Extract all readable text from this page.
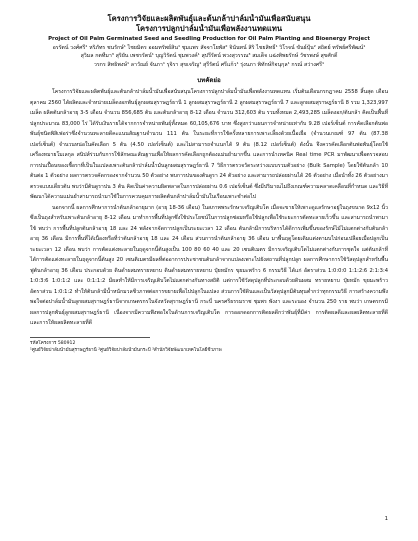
โครงการวิจัยและผลิตพันธุ์และต้นกล้าปาล์มน้ำมันเพื่อสนับสนุน
โครงการปลูกปาล์มน้ำมันเพื่อพลังงานทดแทน
Project of Oil Palm Germinated Seed and Seedling Production for Oil Palm Planting and Bioenergy Project

อรรัตน์ วงศ์ศรี¹ หริภัทร ชนรักษ์¹ ไชยมิตร ออมทรัพย์สิน¹ ชุมแพร สัจจาโยพัส² จินันทน์ สิริ ไชยสิทธิ์¹ วิโรจน์ ขันธ์ปุ้น² สถิตย์ ทรัพย์ศรีพัฒน์¹

สุวิมล กตที่มา³ สุริยัน เพชรรัตน์¹ บุญวิรัตน์ ชุมพวงค์¹ สุปรีรัตน์ พวงสุวรรณ³ สมเด็จ แฉ่งทิพยรักษ์ วัชรพงษ์ สุขศักดิ์

วรกร สิทธิพงษ์¹ ลาวัณย์ จันภา¹ รุจิรา สุขเจริญ¹ สุรีรัตน์ ศรีแก้ว¹ รุ่งนภา พิทักษ์กิจนุกุล¹ กรณ์ สว่างศรี¹

บทคัดย่อ

โครงการวิจัยและผลิตพันธุ์และต้นกล้าปาล์มน้ำมันเพื่อสนับสนุนโครงการปลูกปาล์มน้ำมันเพื่อพลังงานทดแทน เริ่มต้นเดือนกรกฎาคม 2558 สิ้นสุด เดือนตุลาคม 2560 ได้ผลิตและจำหน่ายเมล็ดงอกพันธุ์ลูกผสมสุราษฎร์ธานี 1 ลูกผสมสุราษฎร์ธานี 2 ลูกผสมสุราษฎร์ธานี 7 และลูกผสมสุราษฎร์ธานี 8 รวม 1,323,997 เมล็ด ผลิตต้นกล้าอายุ 3-5 เดือน จำนวน 856,685 ต้น และต้นกล้าอายุ 8-12 เดือน จำนวน 312,603 ต้น รวมทั้งหมด 2,493,285 เมล็ดงอก/ต้นกล้า คิดเป็นพื้นที่ปลูกประมาณ 83,000 ไร่ ได้รับเงินรายได้จากการจำหน่ายพันธุ์ทั้งหมด 60,105,676 บาท ซึ่งสูงกว่าแผนการจำหน่ายเท่ากับ 9.28 เปอร์เซ็นต์ การคัดเลือกต้นพ่อพันธุ์ชนิดพิสิเฟอร่าซึ่งจำนวนทะลายดีคะแนนสัณฐานจำนวน 111 ต้น ในระยะที่การใช้ครั้งหลายการเพาะเลี้ยงด้วยเนื้อเยื่อ (จำนวนเกณฑ์ 97 ต้น (87.38 เปอร์เซ็นต์) จำนวนหน่อในคัดเลือก 5 ต้น (4.50 เปอร์เซ็นต์) และไม่สามารถจำแนกได้ 9 ต้น (8.12 เปอร์เซ็นต์) ดังนั้น จึงควรคัดเลือกต้นพ่อพันธุ์โดยใช้เครื่องหมายโมเลกุล สนิปส์ร่วมกับการใช้ลักษณะสัณฐานเพื่อให้ผลการคัดเลือกถูกต้องแม่นยำมากขึ้น และการนำเทคนิค Real time PCR มาพัฒนาเพื่อตรวจสอบการปนเปื้อนของเชื้อราที่เป็นในแปลงเพาะต้นกล้าปาล์มน้ำมันลูกผสมสุราษฎร์ธานี 7 วิธีการตรวจวัดระหว่างแบบรวมตัวอย่าง (Bulk Sample) โดยใช้ต้นกล้า 10 ต้นต่อ 1 ตัวอย่าง ผลการตรวจคัดกรองจากจำนวน 50 ตัวอย่าง พบการปนของต้นดูรา 24 ตัวอย่าง และสามารถปล่อยผ่านได้ 26 ตัวอย่าง เมื่อนำทั้ง 26 ตัวอย่างมาตรวจแบบเดี่ยวต้น พบว่ามีต้นดูราปน 3 ต้น คิดเป็นค่าความผิดพลาดในการปล่อยผ่าน 0.6 เปอร์เซ็นต์ ซึ่งมีปริมาณไม่ถึงเกณฑ์ความคลาดเคลื่อนที่กำหนด และวิธีที่พัฒนาได้ความแม่นยำสามารถนำมาใช้ในการควบคุมการผลิตต้นกล้าปาล์มน้ำมันในเรือนเพาะชำต่อไป

นอกจากนี้ ผลการศึกษาการนำต้นกล้าอายุมาก (อายุ 18-36 เดือน) ในสภาพพระรักษาเจริญเติบโต เมื่อจะขายให้เพาะดูแลรักษาอยู่ในถุงขนาด 9x12 นิ้วซึ่งเป็นถุงสำหรับเพาะต้นกล้าอายุ 8-12 เดือน มาทำการพื้นที่ปลูกซึ่งใช้ประโยชน์ในการปลูกซ่อมหรือใช้ปลูกเพื่อใช้ระยะการตัดทะลายเร็วขึ้น และสามารถนำพามาใช้ พบว่า การพื้นที่ปลูกต้นกล้าอายุ 18 และ 24 พลังจากจัดการปลูกเป็นระยะเวลา 12 เดือน ต้นกล้ามีการบริหารได้ดีการเพิ่มขึ้นของรักษ์ไม้ไม่แตกต่างกับต้นกล้าอายุ 36 เดือน มีการพื้นที่ได้เนื่องหรือที่ว่าต้นกล้าอายุ 18 และ 24 เดือน ส่วนการนำต้นกล้าอายุ 36 เดือน มาพื้นฤดูโดยเดิมแต่งตามบไปก่อนเปลือยเมื่อปลูกเป็นระยะเวลา 12 เดือน พบว่า การตัดแต่งทะลายในฤดูจากนี้ต้นสูงเป็น 100 80 60 40 และ 20 เซนติเมตร มีการเจริญเติบโตไม่แตกต่างกับการชุตใจ แต่ต้นกล้าที่ได้การตัดแต่งทะลายในฤดูจากนี้ต้นสูง 20 เซนติเมตรมีผลที่ต่ออาการประชาชนต้นกล้าจากแปลงเพาะไปยังสถานที่ปลูกปลูก ผลการศึกษาการใช้วัสดุปลูกสำหรับพื้นฟูต้นกล้าอายุ 36 เดือน ประกอบด้วย ดินดำผสมทรายหยาบ ดินดำผสมทรายหยาบ ปุ๋ยหมักร ขุยมะพร้าว 6 กรรมวิธี ได้แก่ อัตราส่วน 1:0:0:0 1:1:2:6 2:1:3:4 1:0:3:6 1:0:1:2 และ 0:1:1:2 มีผลทำให้มีการเจริญเติบโตไม่แตกต่างกันทางสถิติ แต่การใช้วัสดุปลูกที่ประกอบด้วยดินผสม ทรายหยาบ ปุ๋ยหมัก ขุยมะพร้าว อัตราส่วน 1:0:1:2 ทำให้ต้นกล้ามีน้ำหนักมวลชีวภาพต่อการขยายเพื่อไปปลูกในแปลง ส่วนการใช้ดินและเป็นวัสดุปลูกมีต้นทุนต่ำกว่าทุกกรรมวิธี การสร้างความพึงพอใจต่อปาล์มน้ำมันลูกผสมสุราษฎร์ธานีจากเกษตรกรในจังหวัดสุราษฎร์ธานี กระบี่ นครศรีธรรมราช ชุมพร พังงา และระนอง จำนวน 250 ราย พบว่า เกษตรกรมีผลการปลูกพันธุ์ลูกผสมสุราษฎร์ธานี เนื่องจากมีความพึงพอใจในด้านการเจริญเติบโต การออกดอกการติดผลดีกว่าพันธุ์ที่มีค่า การติดผลดีและผลผลิตทะลายที่ดี และการให้ผลผลิตทะลายที่ดี

รหัสโครงการ 580912

¹ศูนย์วิจัยปาล์มน้ำมันสุราษฎร์ธานี ²ศูนย์วิจัยปาล์มน้ำมันกระบี่ ³สำนักวิจัยพัฒนาเทคโนโลยีชีวภาพ

1
